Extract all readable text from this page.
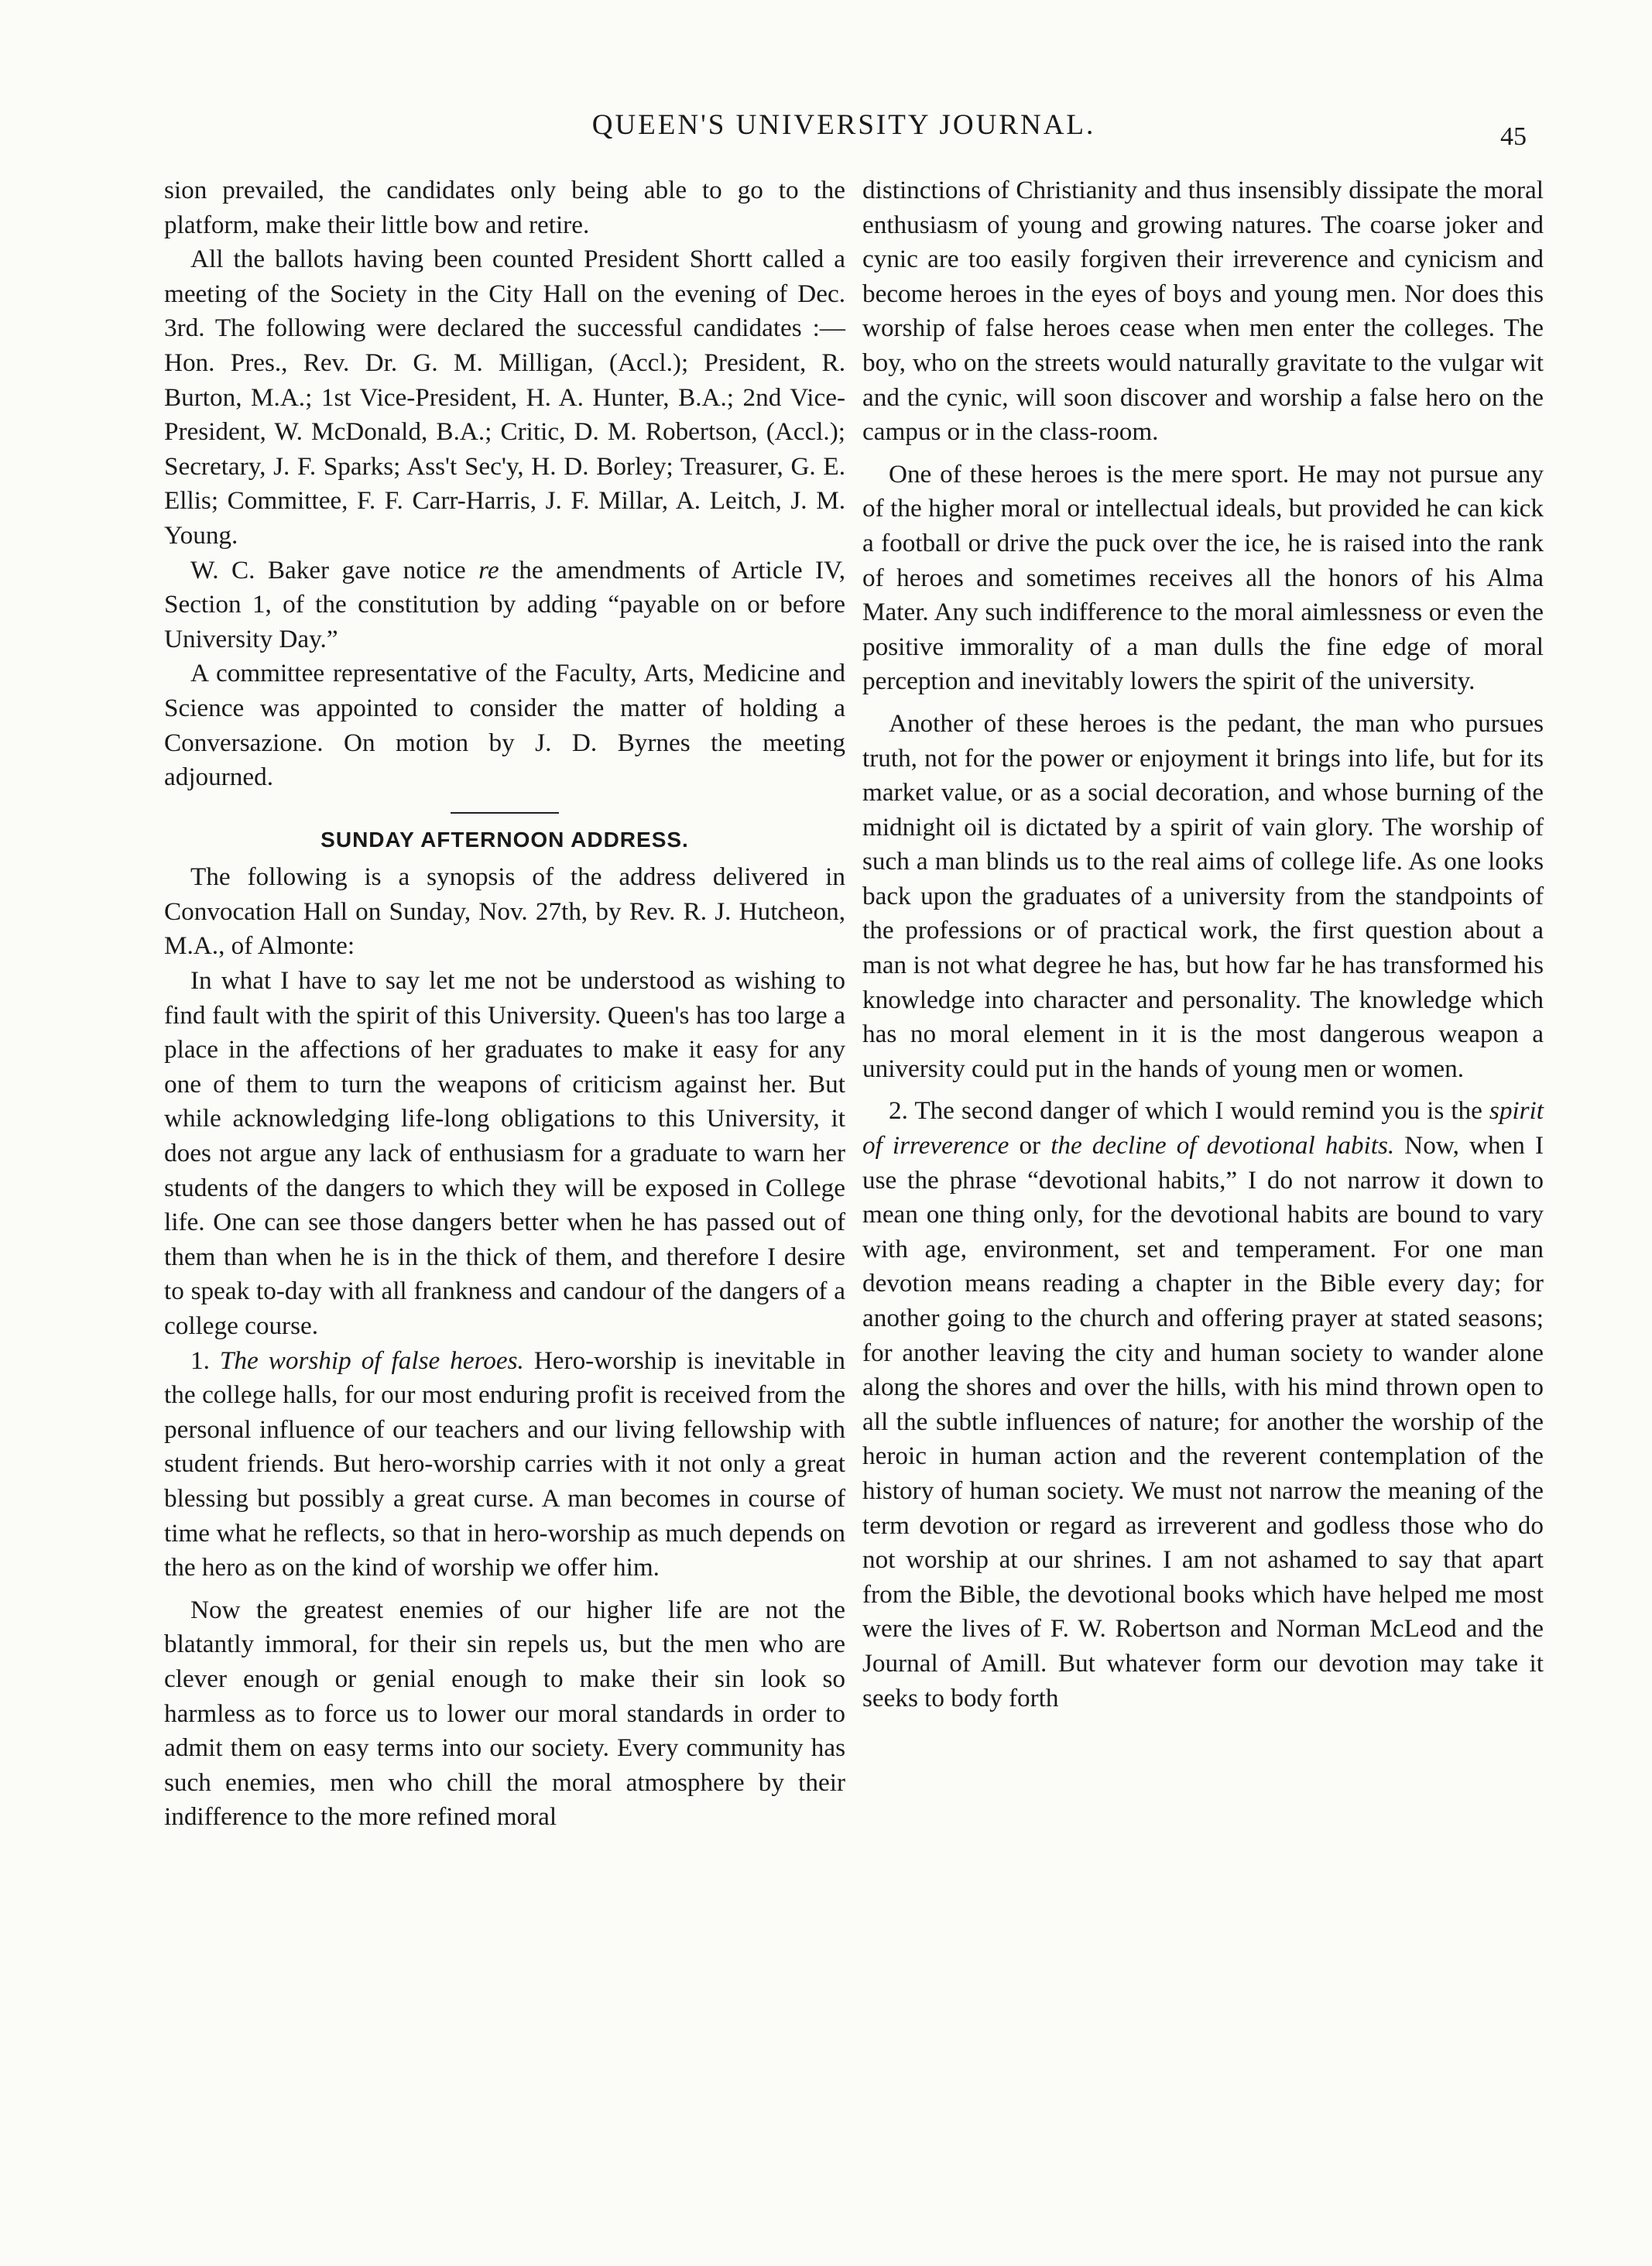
QUEEN'S UNIVERSITY JOURNAL.	45

sion prevailed, the candidates only being able to go to the platform, make their little bow and retire.

All the ballots having been counted President Shortt called a meeting of the Society in the City Hall on the evening of Dec. 3rd. The following were declared the successful candidates :—Hon. Pres., Rev. Dr. G. M. Milligan, (Accl.); President, R. Burton, M.A.; 1st Vice-President, H. A. Hunter, B.A.; 2nd Vice-President, W. McDonald, B.A.; Critic, D. M. Robertson, (Accl.); Secretary, J. F. Sparks; Ass't Sec'y, H. D. Borley; Treasurer, G. E. Ellis; Committee, F. F. Carr-Harris, J. F. Millar, A. Leitch, J. M. Young.

W. C. Baker gave notice re the amendments of Article IV, Section 1, of the constitution by adding “payable on or before University Day.”

A committee representative of the Faculty, Arts, Medicine and Science was appointed to consider the matter of holding a Conversazione. On motion by J. D. Byrnes the meeting adjourned.

SUNDAY AFTERNOON ADDRESS.

The following is a synopsis of the address delivered in Convocation Hall on Sunday, Nov. 27th, by Rev. R. J. Hutcheon, M.A., of Almonte:

In what I have to say let me not be understood as wishing to find fault with the spirit of this University. Queen's has too large a place in the affections of her graduates to make it easy for any one of them to turn the weapons of criticism against her. But while acknowledging life-long obligations to this University, it does not argue any lack of enthusiasm for a graduate to warn her students of the dangers to which they will be exposed in College life. One can see those dangers better when he has passed out of them than when he is in the thick of them, and therefore I desire to speak to-day with all frankness and candour of the dangers of a college course.

1. The worship of false heroes. Hero-worship is inevitable in the college halls, for our most enduring profit is received from the personal influence of our teachers and our living fellowship with student friends. But hero-worship carries with it not only a great blessing but possibly a great curse. A man becomes in course of time what he reflects, so that in hero-worship as much depends on the hero as on the kind of worship we offer him.

Now the greatest enemies of our higher life are not the blatantly immoral, for their sin repels us, but the men who are clever enough or genial enough to make their sin look so harmless as to force us to lower our moral standards in order to admit them on easy terms into our society. Every community has such enemies, men who chill the moral atmosphere by their indifference to the more refined moral

distinctions of Christianity and thus insensibly dissipate the moral enthusiasm of young and growing natures. The coarse joker and cynic are too easily forgiven their irreverence and cynicism and become heroes in the eyes of boys and young men. Nor does this worship of false heroes cease when men enter the colleges. The boy, who on the streets would naturally gravitate to the vulgar wit and the cynic, will soon discover and worship a false hero on the campus or in the class-room.

One of these heroes is the mere sport. He may not pursue any of the higher moral or intellectual ideals, but provided he can kick a football or drive the puck over the ice, he is raised into the rank of heroes and sometimes receives all the honors of his Alma Mater. Any such indifference to the moral aimlessness or even the positive immorality of a man dulls the fine edge of moral perception and inevitably lowers the spirit of the university.

Another of these heroes is the pedant, the man who pursues truth, not for the power or enjoyment it brings into life, but for its market value, or as a social decoration, and whose burning of the midnight oil is dictated by a spirit of vain glory. The worship of such a man blinds us to the real aims of college life. As one looks back upon the graduates of a university from the standpoints of the professions or of practical work, the first question about a man is not what degree he has, but how far he has transformed his knowledge into character and personality. The knowledge which has no moral element in it is the most dangerous weapon a university could put in the hands of young men or women.

2. The second danger of which I would remind you is the spirit of irreverence or the decline of devotional habits. Now, when I use the phrase “devotional habits,” I do not narrow it down to mean one thing only, for the devotional habits are bound to vary with age, environment, set and temperament. For one man devotion means reading a chapter in the Bible every day; for another going to the church and offering prayer at stated seasons; for another leaving the city and human society to wander alone along the shores and over the hills, with his mind thrown open to all the subtle influences of nature; for another the worship of the heroic in human action and the reverent contemplation of the history of human society. We must not narrow the meaning of the term devotion or regard as irreverent and godless those who do not worship at our shrines. I am not ashamed to say that apart from the Bible, the devotional books which have helped me most were the lives of F. W. Robertson and Norman McLeod and the Journal of Amill. But whatever form our devotion may take it seeks to body forth
